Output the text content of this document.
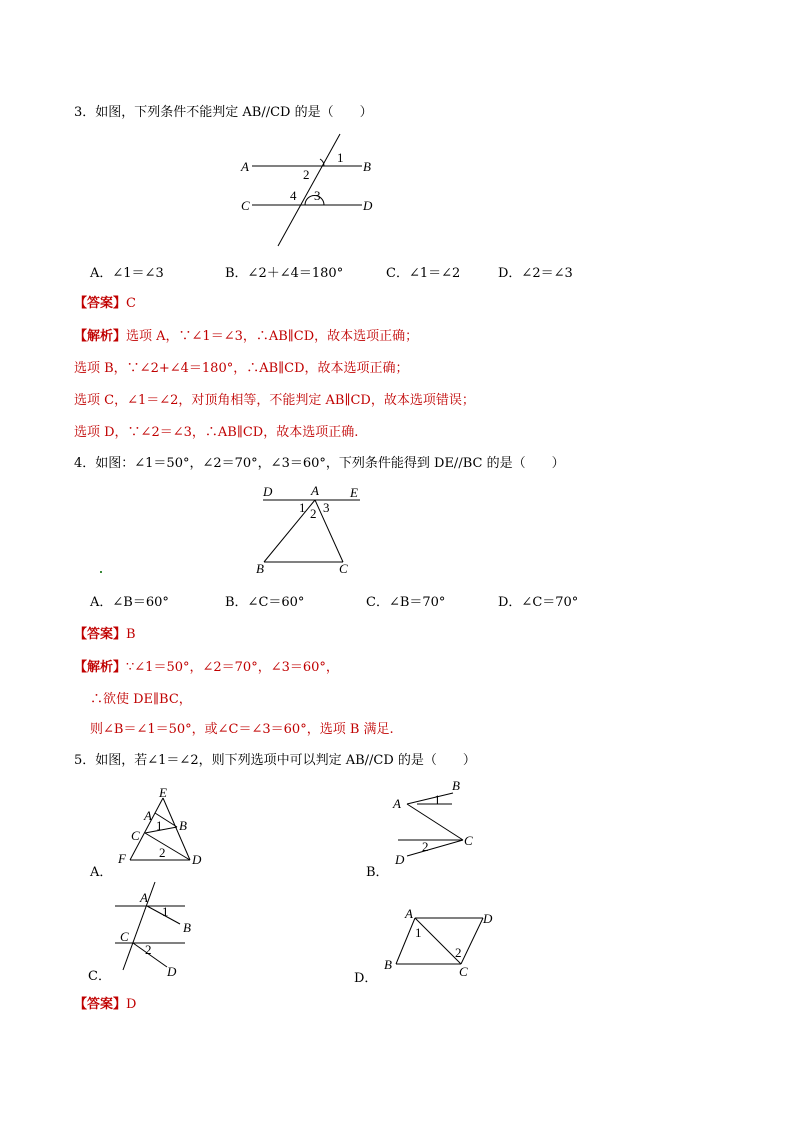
3．如图，下列条件不能判定 AB//CD 的是（　　）
A	B
C	D
1
2
4 3
A．∠1＝∠3	B．∠2＋∠4＝180°	C．∠1＝∠2	D．∠2＝∠3
【答案】C
【解析】选项 A，∵∠1＝∠3，∴AB∥CD，故本选项正确；
选项 B，∵∠2+∠4＝180°，∴AB∥CD，故本选项正确；
选项 C，∠1＝∠2，对顶角相等，不能判定 AB∥CD，故本选项错误；
选项 D，∵∠2＝∠3，∴AB∥CD，故本选项正确.
4．如图：∠1＝50°，∠2＝70°，∠3＝60°，下列条件能得到 DE//BC 的是（　　）
D	A E
1 2 3
B	C
A．∠B＝60°	B．∠C＝60°	C．∠B＝70°	D．∠C＝70°
【答案】B
【解析】∵∠1＝50°，∠2＝70°，∠3＝60°，
∴欲使 DE∥BC，
则∠B＝∠1＝50°，或∠C＝∠3＝60°，选项 B 满足.
5．如图，若∠1＝∠2，则下列选项中可以判定 AB//CD 的是（　　）
E
A
1 B
C
2
F	D
A．
A
B
1
C
2
D
B．
A
1
B
C
2
D
C．
A	D
1
2
B	C
D．
【答案】D
